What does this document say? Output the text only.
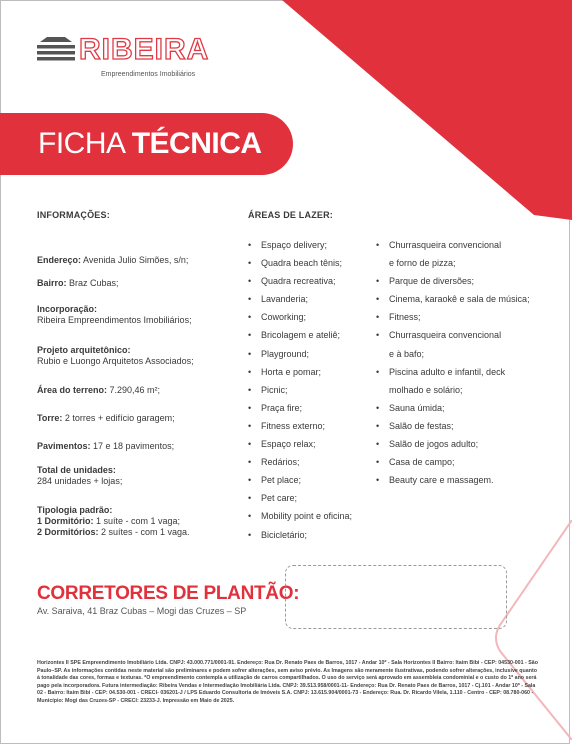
RIBEIRA
Empreendimentos Imobiliários
FICHA TÉCNICA
INFORMAÇÕES:
Endereço: Avenida Julio Simões, s/n;
Bairro: Braz Cubas;
Incorporação:
Ribeira Empreendimentos Imobiliários;
Projeto arquitetônico:
Rubio e Luongo Arquitetos Associados;
Área do terreno: 7.290,46 m²;
Torre: 2 torres + edifício garagem;
Pavimentos: 17 e 18 pavimentos;
Total de unidades:
284 unidades + lojas;
Tipologia padrão:
1 Dormitório: 1 suíte - com 1 vaga;
2 Dormitórios: 2 suítes - com 1 vaga.
ÁREAS DE LAZER:
• Espaço delivery;
• Quadra beach tênis;
• Quadra recreativa;
• Lavanderia;
• Coworking;
• Bricolagem e ateliê;
• Playground;
• Horta e pomar;
• Picnic;
• Praça fire;
• Fitness externo;
• Espaço relax;
• Redários;
• Pet place;
• Pet care;
• Mobility point e oficina;
• Bicicletário;
• Churrasqueira convencional
e forno de pizza;
• Parque de diversões;
• Cinema, karaokê e sala de música;
• Fitness;
• Churrasqueira convencional
e à bafo;
• Piscina adulto e infantil, deck
molhado e solário;
• Sauna úmida;
• Salão de festas;
• Salão de jogos adulto;
• Casa de campo;
• Beauty care e massagem.
CORRETORES DE PLANTÃO:
Av. Saraiva, 41 Braz Cubas – Mogi das Cruzes – SP
Horizontes II SPE Empreendimento Imobiliário Ltda. CNPJ: 43.000.771/0001-91. Endereço: Rua Dr. Renato Paes de Barros, 1017 - Andar 10º - Sala Horizontes II Bairro: Itaim Bibi - CEP: 04530-001 - São Paulo–SP. As informações contidas neste material são preliminares e podem sofrer alterações, sem aviso prévio. As Imagens são meramente ilustrativas, podendo sofrer alterações, inclusive quanto à tonalidade das cores, formas e texturas. *O empreendimento contempla a utilização de carros compartilhados. O uso do serviço será aprovado em assembleia condominial e o custo do 1º ano será pago pela incorporadora. Futura intermediação: Ribeira Vendas e Intermediação Imobiliária Ltda. CNPJ: 39.513.958/0001-11- Endereço: Rua Dr. Renato Paes de Barros, 1017 - Cj.101 - Andar 10º - Sala 02 - Bairro: Itaim Bibi - CEP: 04.530-001 - CRECI- 036201-J / LPS Eduardo Consultoria de Imóveis S.A. CNPJ: 13.615.904/0001-73 - Endereço: Rua. Dr. Ricardo Vilela, 1.110 - Centro - CEP: 08.780-060 - Município: Mogi das Cruzes-SP - CRECI: 23233-J. Impressão em Maio de 2025.
